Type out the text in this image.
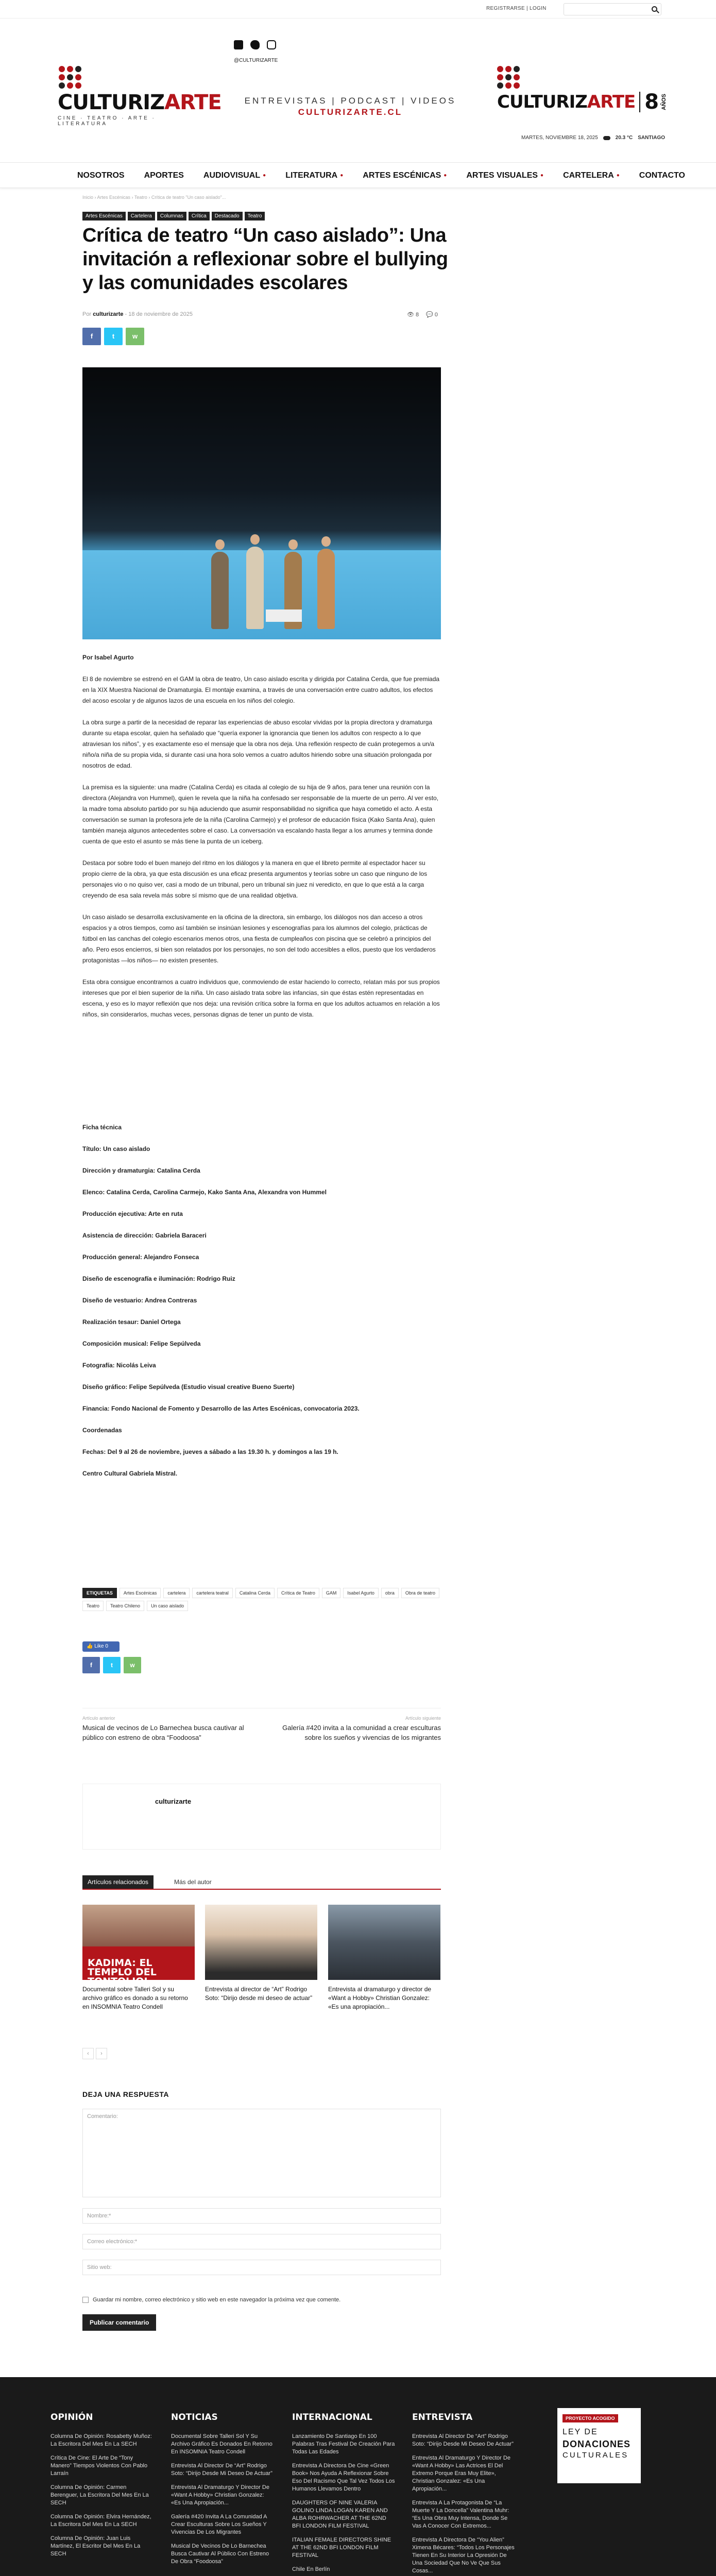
REGISTRARSE | LOGIN
@CULTURIZARTE
CULTURIZARTE
CINE · TEATRO · ARTE · LITERATURA
ENTREVISTAS | PODCAST | VIDEOS
CULTURIZARTE.CL	CULTURIZARTE 8 AÑOS
MARTES, NOVIEMBRE 18, 2025	20.3 °C SANTIAGO
NOSOTROS APORTES AUDIOVISUAL ● LITERATURA ● ARTES ESCÉNICAS ● ARTES VISUALES ● CARTELERA ● CONTACTO
Inicio › Artes Escénicas › Teatro › Crítica de teatro "Un caso aislado"...
Artes Escénicas	Cartelera	Columnas	Crítica	Destacado	Teatro
Crítica de teatro “Un caso aislado”: Una invitación a reflexionar sobre el bullying y las comunidades escolares
Por culturizarte - 18 de noviembre de 2025	👁 8 💬 0
f	t	w

Por Isabel Agurto

El 8 de noviembre se estrenó en el GAM la obra de teatro, Un caso aislado escrita y dirigida por Catalina Cerda, que fue premiada en la XIX Muestra Nacional de Dramaturgia. El montaje examina, a través de una conversación entre cuatro adultos, los efectos del acoso escolar y de algunos lazos de una escuela en los niños del colegio.

La obra surge a partir de la necesidad de reparar las experiencias de abuso escolar vividas por la propia directora y dramaturga durante su etapa escolar, quien ha señalado que “quería exponer la ignorancia que tienen los adultos con respecto a lo que atraviesan los niños”, y es exactamente eso el mensaje que la obra nos deja. Una reflexión respecto de cuán protegemos a un/a niño/a niña de su propia vida, si durante casi una hora solo vemos a cuatro adultos hiriendo sobre una situación prolongada por nosotros de edad.

La premisa es la siguiente: una madre (Catalina Cerda) es citada al colegio de su hija de 9 años, para tener una reunión con la directora (Alejandra von Hummel), quien le revela que la niña ha confesado ser responsable de la muerte de un perro. Al ver esto, la madre toma absoluto partido por su hija aduciendo que asumir responsabilidad no significa que haya cometido el acto. A esta conversación se suman la profesora jefe de la niña (Carolina Carmejo) y el profesor de educación física (Kako Santa Ana), quien también maneja algunos antecedentes sobre el caso. La conversación va escalando hasta llegar a los arrumes y termina donde cuenta de que esto el asunto se más tiene la punta de un iceberg.

Destaca por sobre todo el buen manejo del ritmo en los diálogos y la manera en que el libreto permite al espectador hacer su propio cierre de la obra, ya que esta discusión es una eficaz presenta argumentos y teorías sobre un caso que ninguno de los personajes vio o no quiso ver, casi a modo de un tribunal, pero un tribunal sin juez ni veredicto, en que lo que está a la carga creyendo de esa sala revela más sobre sí mismo que de una realidad objetiva.

Un caso aislado se desarrolla exclusivamente en la oficina de la directora, sin embargo, los diálogos nos dan acceso a otros espacios y a otros tiempos, como así también se insinúan lesiones y escenografías para los alumnos del colegio, prácticas de fútbol en las canchas del colegio escenarios menos otros, una fiesta de cumpleaños con piscina que se celebró a principios del año. Pero esos encierros, si bien son relatados por los personajes, no son del todo accesibles a ellos, puesto que los verdaderos protagonistas —los niños— no existen presentes.

Esta obra consigue encontrarnos a cuatro individuos que, conmoviendo de estar haciendo lo correcto, relatan más por sus propios intereses que por el bien superior de la niña. Un caso aislado trata sobre las infancias, sin que éstas estén representadas en escena, y eso es lo mayor reflexión que nos deja: una revisión crítica sobre la forma en que los adultos actuamos en relación a los niños, sin considerarlos, muchas veces, personas dignas de tener un punto de vista.

Ficha técnica

Título: Un caso aislado

Dirección y dramaturgia: Catalina Cerda

Elenco: Catalina Cerda, Carolina Carmejo, Kako Santa Ana, Alexandra von Hummel

Producción ejecutiva: Arte en ruta

Asistencia de dirección: Gabriela Baraceri

Producción general: Alejandro Fonseca

Diseño de escenografía e iluminación: Rodrigo Ruiz

Diseño de vestuario: Andrea Contreras

Realización tesaur: Daniel Ortega

Composición musical: Felipe Sepúlveda

Fotografía: Nicolás Leiva

Diseño gráfico: Felipe Sepúlveda (Estudio visual creative Bueno Suerte)

Financia: Fondo Nacional de Fomento y Desarrollo de las Artes Escénicas, convocatoria 2023.

Coordenadas

Fechas: Del 9 al 26 de noviembre, jueves a sábado a las 19.30 h. y domingos a las 19 h.

Centro Cultural Gabriela Mistral.

ETIQUETAS	Artes Escénicas	cartelera	cartelera teatral	Catalina Cerda	Crítica de Teatro	GAM	Isabel Agurto	obra	Obra de teatro
Teatro	Teatro Chileno	Un caso aislado
👍 Like 0
f	t	w
Artículo anterior
Musical de vecinos de Lo Barnechea busca cautivar al público con estreno de obra “Foodoosa”
Artículo siguiente
Galería #420 invita a la comunidad a crear esculturas sobre los sueños y vivencias de los migrantes
culturizarte
Artículos relacionados	Más del autor
KADIMA: EL TEMPLO DEL TONTOLIOL
Documental sobre Talleri Sol y su archivo gráfico es donado a su retorno en INSOMNIA Teatro Condell
Entrevista al director de “Art” Rodrigo Soto: “Dirijo desde mi deseo de actuar”
Entrevista al dramaturgo y director de «Want a Hobby» Christian Gonzalez: «Es una apropiación...
‹	›
DEJA UNA RESPUESTA
Comentario:
Nombre:*
Correo electrónico:*
Sitio web:
Guardar mi nombre, correo electrónico y sitio web en este navegador la próxima vez que comente.
Publicar comentario
OPINIÓN

Columna De Opinión: Rosabetty Muñoz: La Escritora Del Mes En La SECH

Crítica De Cine: El Arte De “Tony Manero” Tiempos Violentos Con Pablo Larraín

Columna De Opinión: Carmen Berenguer, La Escritora Del Mes En La SECH

Columna De Opinión: Elvira Hernández, La Escritora Del Mes En La SECH

Columna De Opinión: Juan Luis Martínez, El Escritor Del Mes En La SECH

NOTICIAS

Documental Sobre Talleri Sol Y Su Archivo Gráfico Es Donados En Retorno En INSOMNIA Teatro Condell

Entrevista Al Director De “Art” Rodrigo Soto: “Dirijo Desde Mi Deseo De Actuar”

Entrevista Al Dramaturgo Y Director De «Want A Hobby» Christian Gonzalez: «Es Una Apropiación...

Galería #420 Invita A La Comunidad A Crear Esculturas Sobre Los Sueños Y Vivencias De Los Migrantes

Musical De Vecinos De Lo Barnechea Busca Cautivar Al Público Con Estreno De Obra “Foodoosa”

INTERNACIONAL

Lanzamiento De Santiago En 100 Palabras Tras Festival De Creación Para Todas Las Edades

Entrevista A Directora De Cine «Green Book» Nos Ayuda A Reflexionar Sobre Eso Del Racismo Que Tal Vez Todos Los Humanos Llevamos Dentro

DAUGHTERS OF NINE VALERIA GOLINO LINDA LOGAN KAREN AND ALBA ROHRWACHER AT THE 62ND BFI LONDON FILM FESTIVAL

ITALIAN FEMALE DIRECTORS SHINE AT THE 62ND BFI LONDON FILM FESTIVAL

Chile En Berlín

ENTREVISTA

Entrevista Al Director De “Art” Rodrigo Soto: “Dirijo Desde Mi Deseo De Actuar”

Entrevista Al Dramaturgo Y Director De «Want A Hobby» Las Actrices El Del Extremo Porque Eras Muy Elite», Christian Gonzalez: «Es Una Apropiación...

Entrevista A La Protagonista De “La Muerte Y La Doncella” Valentina Muhr: “Es Una Obra Muy Intensa, Donde Se Vas A Conocer Con Extremos...

Entrevista A Directora De “You Alien” Ximena Bécares: “Todos Los Personajes Tienen En Su Interior La Opresión De Una Sociedad Que No Ve Que Sus Cosas...

PROYECTO ACOGIDO
LEY DE
DONACIONES
CULTURALES
